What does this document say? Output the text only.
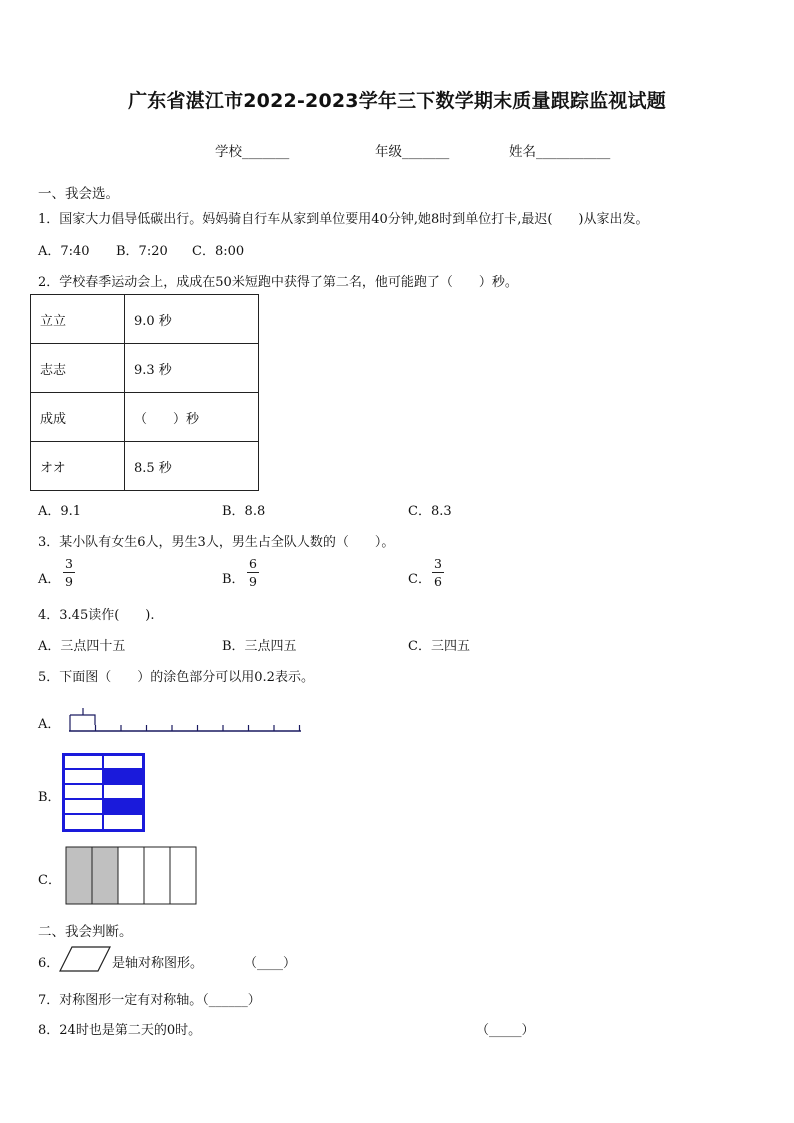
广东省湛江市2022-2023学年三下数学期末质量跟踪监视试题
学校_______	年级_______	姓名___________
一、我会选。
1．国家大力倡导低碳出行。妈妈骑自行车从家到单位要用40分钟,她8时到单位打卡,最迟(　　)从家出发。
A．7:40 B．7:20 C．8:00
2．学校春季运动会上，成成在50米短跑中获得了第二名，他可能跑了（　　）秒。
立立	9.0 秒
志志	9.3 秒
成成	（　　）秒
オオ	8.5 秒
A．9.1	B．8.8	C．8.3
3．某小队有女生6人，男生3人，男生占全队人数的（　　）。
A．
3
9	B．
6
9	C．
3
6
4．3.45读作(　　).
A．三点四十五	B．三点四五	C．三四五
5．下面图（　　）的涂色部分可以用0.2表示。
A．
B．
C．
二、我会判断。
6．	是轴对称图形。	（____）
7．对称图形一定有对称轴。（______）
8．24时也是第二天的0时。	（_____）
